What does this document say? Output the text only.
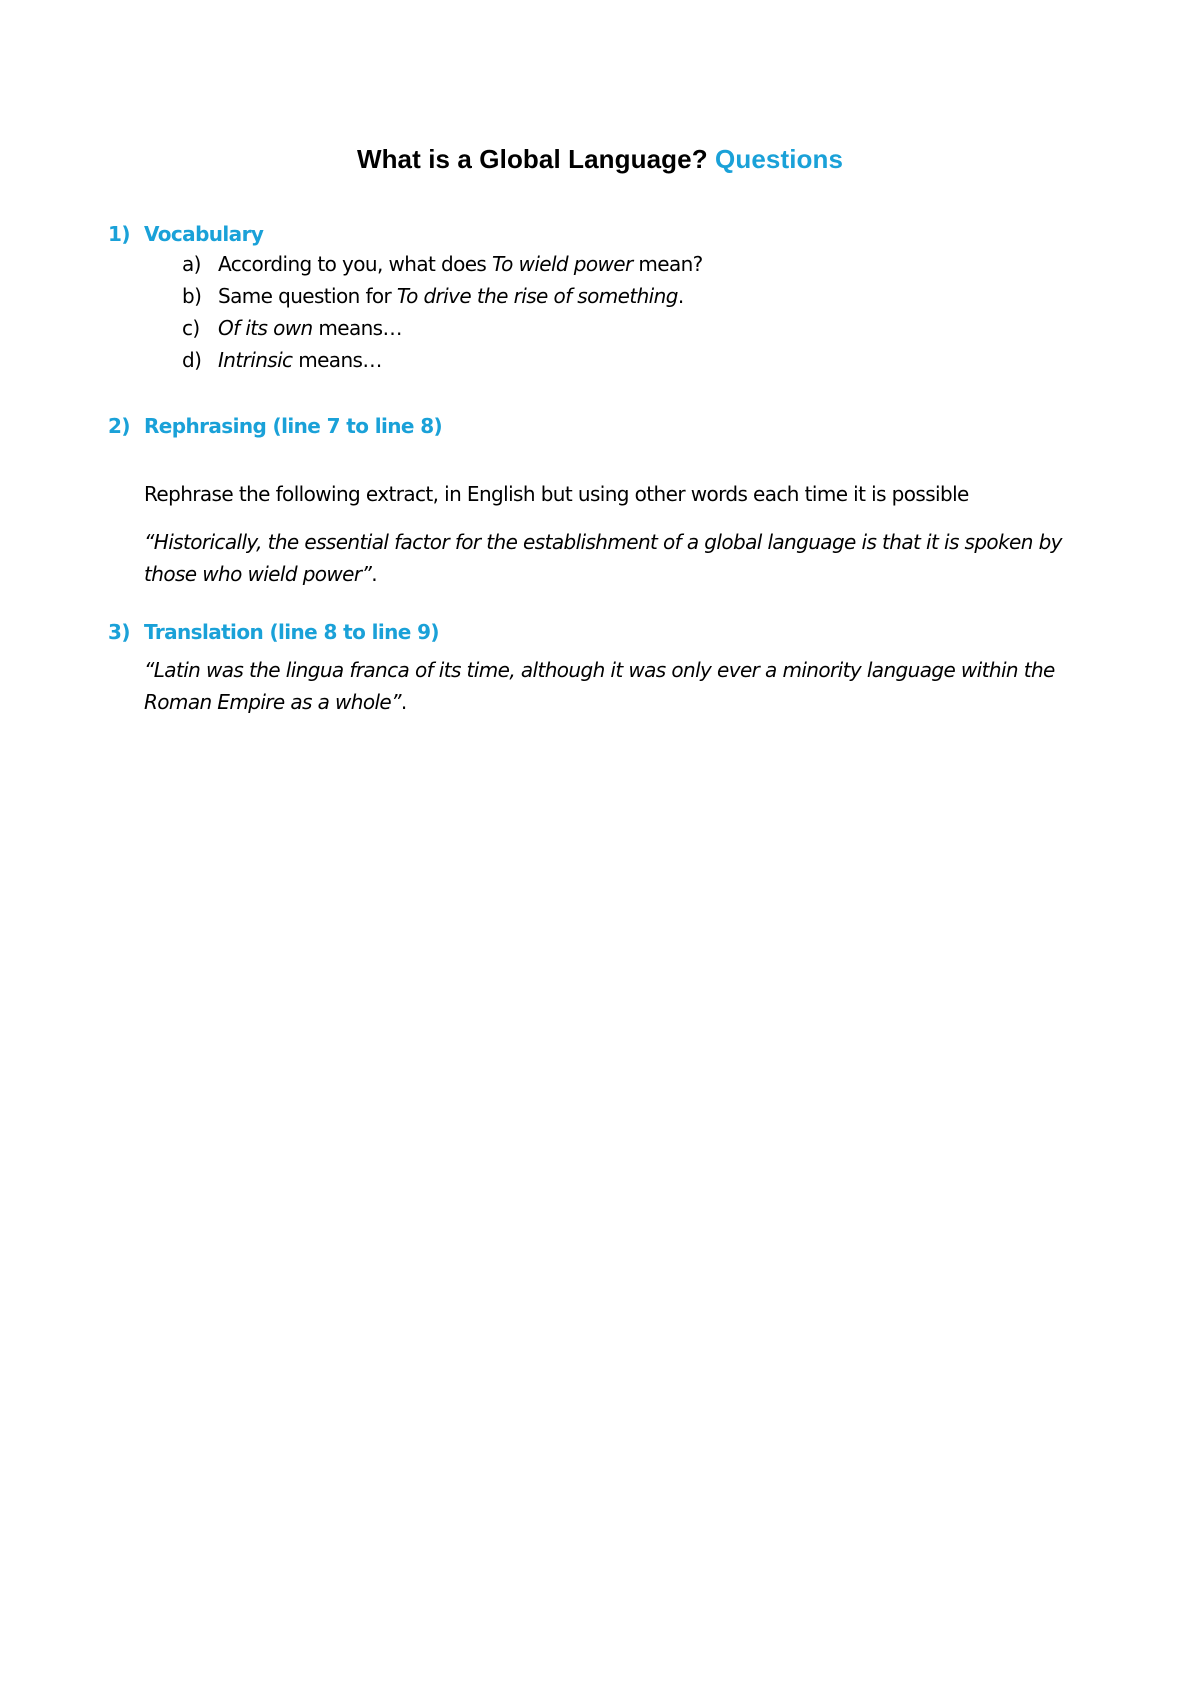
What is a Global Language? Questions
1) Vocabulary
a) According to you, what does To wield power mean?
b) Same question for To drive the rise of something.
c) Of its own means…
d) Intrinsic means…
2) Rephrasing (line 7 to line 8)
Rephrase the following extract, in English but using other words each time it is possible
“Historically, the essential factor for the establishment of a global language is that it is spoken by those who wield power”.
3) Translation (line 8 to line 9)
“Latin was the lingua franca of its time, although it was only ever a minority language within the Roman Empire as a whole”.
